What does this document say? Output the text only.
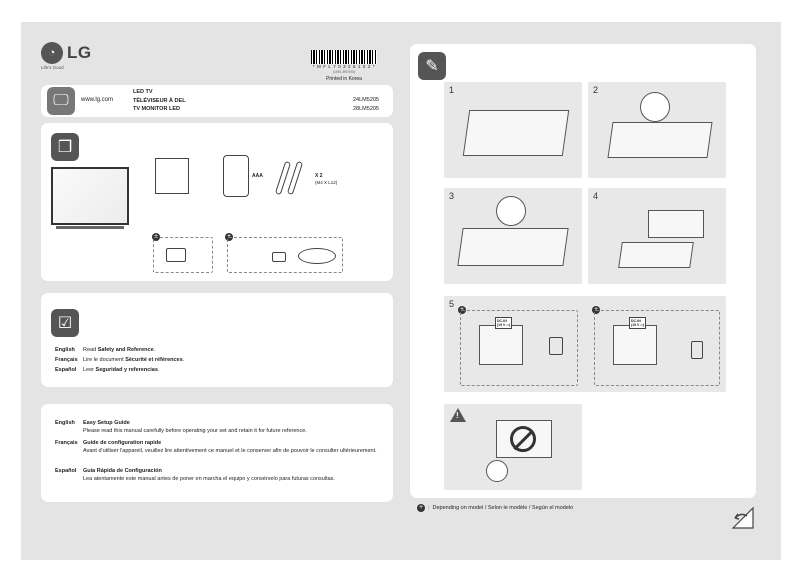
◔ LG
Life's Good	* M F L 7 0 3 2 6 1 0 2 *
(1901-REV00)
Printed in Korea
🖵	www.lg.com
LED TV
TÉLÉVISEUR À DEL
TV MONITOR LED
24LM5205
28LM5205
❒
AAA	X 2
(M4 X L12)
+	+
☑
English Read Safety and Reference.
Français Lire le document Sécurité et références.
Español Leer Seguridad y referencias.
English Easy Setup Guide
Please read this manual carefully before operating your set and retain it for future reference.
Français Guide de configuration rapide
Avant d'utiliser l'appareil, veuillez lire attentivement ce manuel et le conserver afin de pouvoir le consulter ultérieurement.
Español Guía Rápida de Configuración
Lea atentamente este manual antes de poner en marcha el equipo y consérvelo para futuras consultas.
✎
1	2
3	4
5
+
DC-IN
(19 V ⎓)
+
DC-IN
(19 V ⎓)
!
+ : Depending on model / Selon le modèle / Según el modelo
